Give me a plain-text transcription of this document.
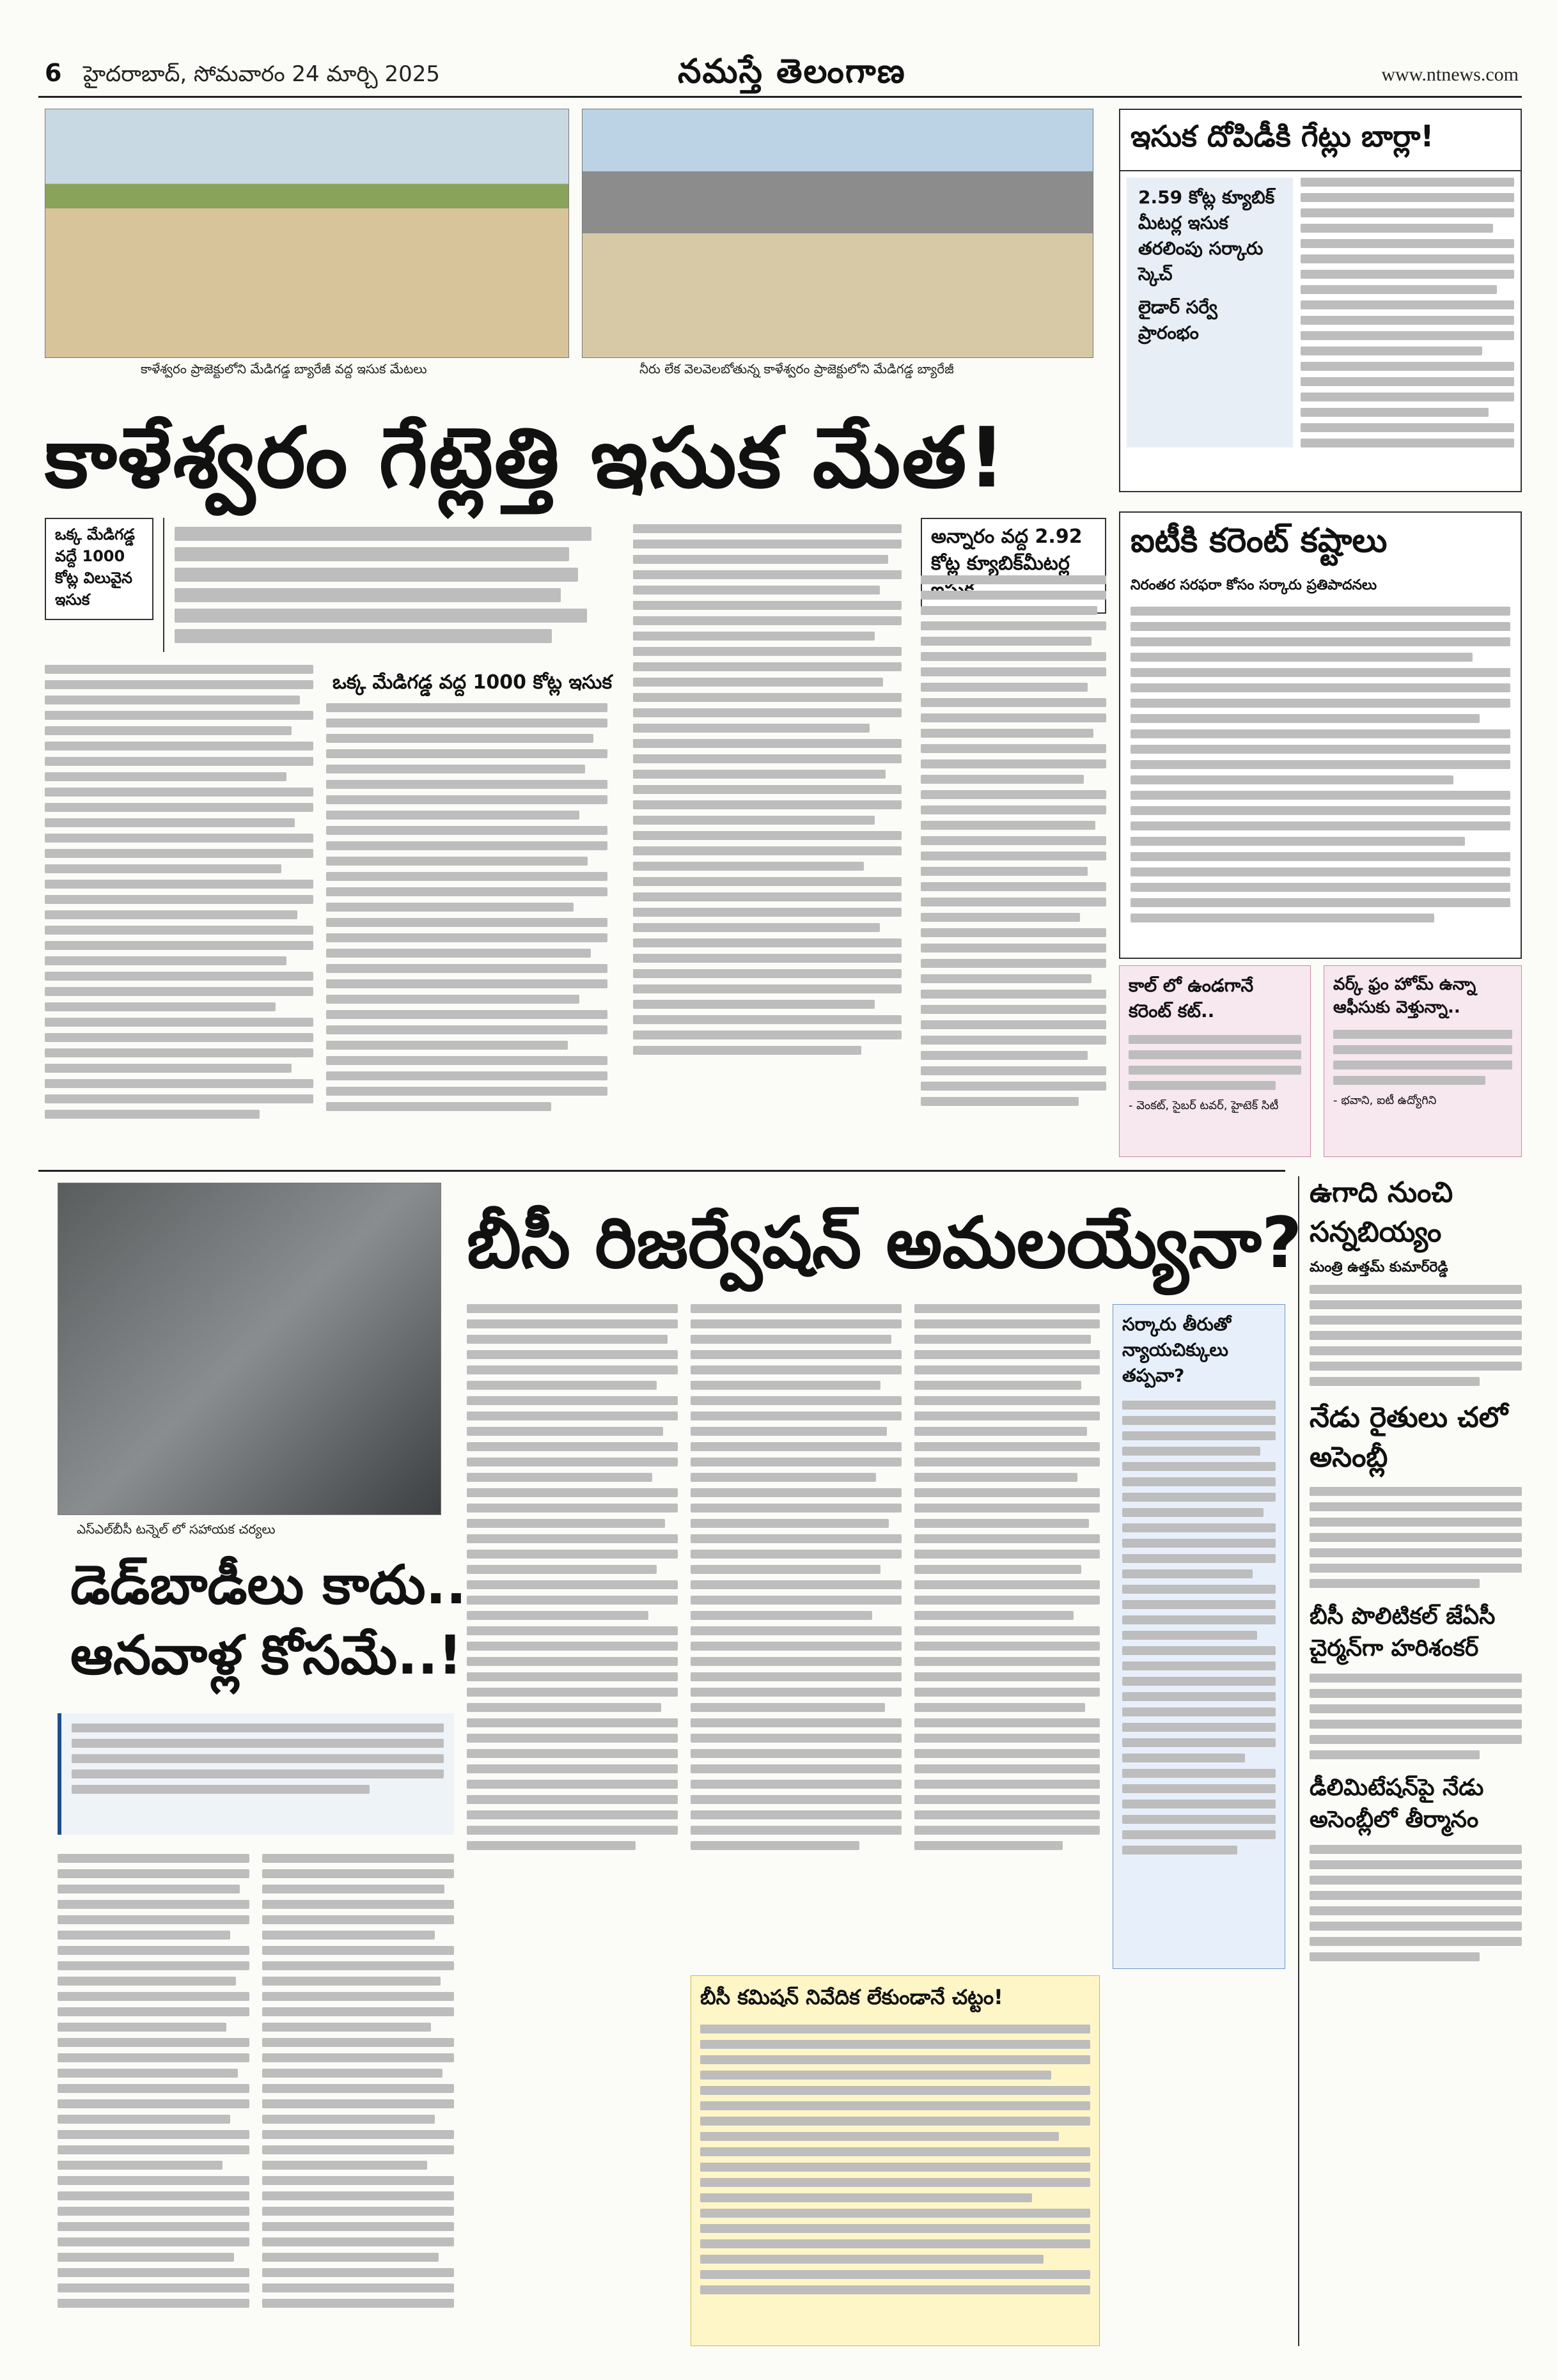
6 హైదరాబాద్, సోమవారం 24 మార్చి 2025	నమస్తే తెలంగాణ	www.ntnews.com
కాళేశ్వరం ప్రాజెక్టులోని మేడిగడ్డ బ్యారేజీ వద్ద ఇసుక మేటలు	నీరు లేక వెలవెలబోతున్న కాళేశ్వరం ప్రాజెక్టులోని మేడిగడ్డ బ్యారేజీ
కాళేశ్వరం గేట్లెత్తి ఇసుక మేత!
ఒక్క మేడిగడ్డ వద్దే 1000 కోట్ల విలువైన ఇసుక
ఒక్క మేడిగడ్డ వద్ద 1000 కోట్ల ఇసుక
అన్నారం వద్ద 2.92 కోట్ల క్యూబిక్‌మీటర్ల
ఇసుక దోపిడీకి గేట్లు బార్లా!
2.59 కోట్ల క్యూబిక్ మీటర్ల ఇసుక తరలింపు సర్కారు స్కెచ్
లైడార్ సర్వే ప్రారంభం
ఐటీకి కరెంట్ కష్టాలు
నిరంతర సరఫరా కోసం సర్కారు ప్రతిపాదనలు
కాల్ లో ఉండగానే కరెంట్ కట్..
- వెంకట్, సైబర్ టవర్, హైటెక్ సిటీ
వర్క్ ఫ్రం హోమ్ ఉన్నా ఆఫీసుకు వెళ్తున్నా..
- భవాని, ఐటీ ఉద్యోగిని
ఎస్ఎల్‌బీసీ టన్నెల్ లో సహాయక చర్యలు
డెడ్‌బాడీలు కాదు..
ఆనవాళ్ల కోసమే..!
బీసీ రిజర్వేషన్ అమలయ్యేనా?
సర్కారు తీరుతో న్యాయచిక్కులు తప్పవా?
బీసీ కమిషన్ నివేదిక లేకుండానే చట్టం!
ఉగాది నుంచి సన్నబియ్యం
మంత్రి ఉత్తమ్ కుమార్‌రెడ్డి
నేడు రైతులు చలో అసెంబ్లీ
బీసీ పొలిటికల్ జేఏసీ చైర్మన్‌గా హరిశంకర్
డీలిమిటేషన్‌పై నేడు అసెంబ్లీలో తీర్మానం
